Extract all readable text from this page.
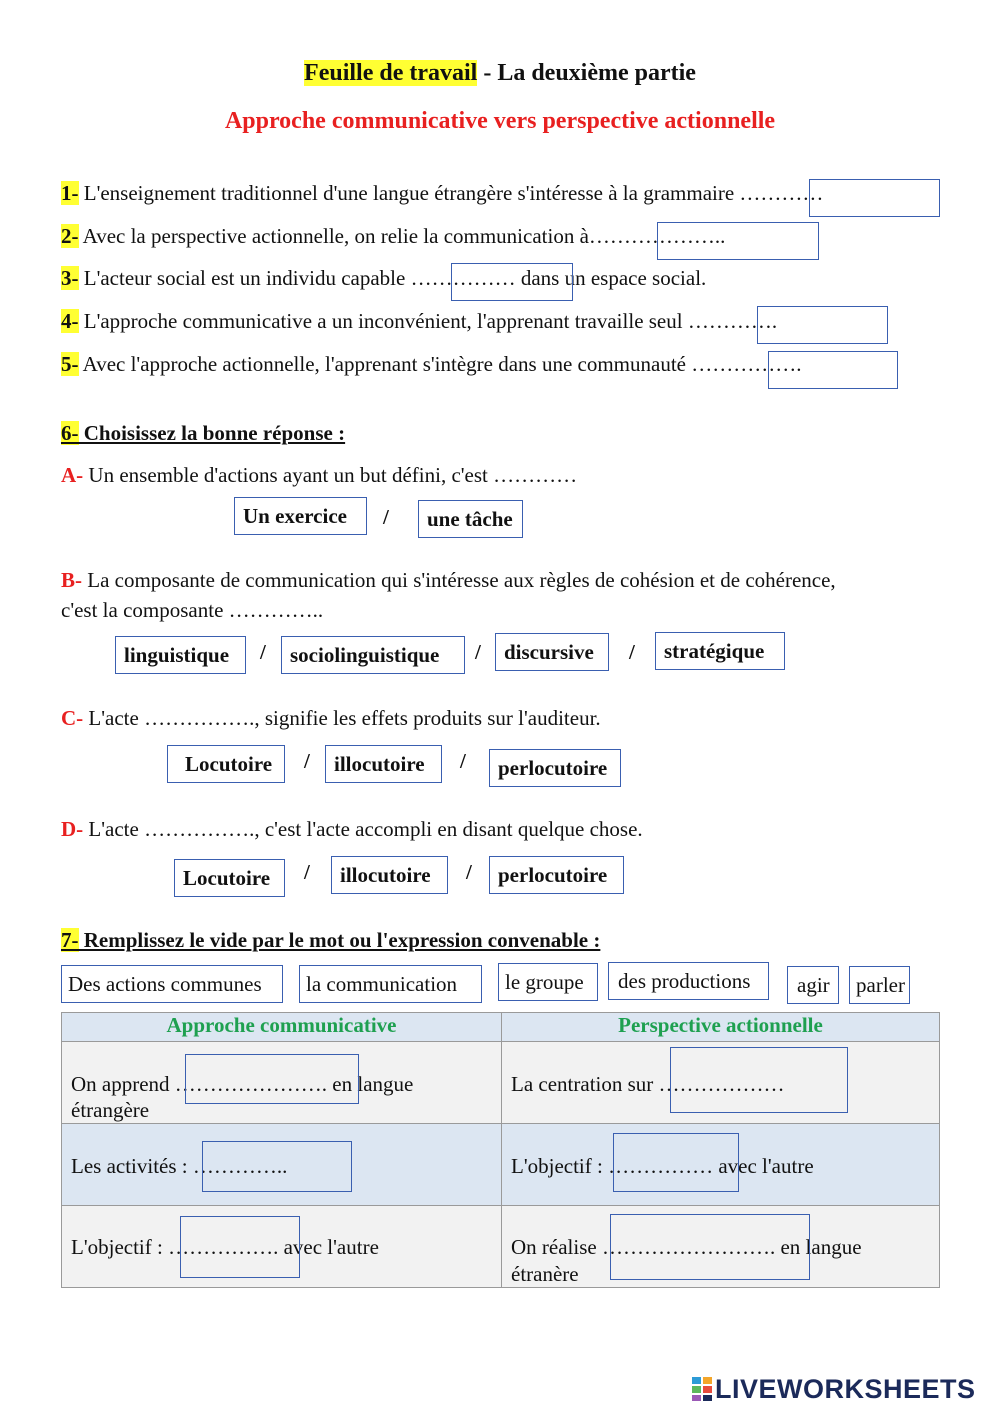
Feuille de travail - La deuxième partie
Approche communicative vers perspective actionnelle
1- L'enseignement traditionnel d'une langue étrangère s'intéresse à la grammaire …………
2- Avec la perspective actionnelle, on relie la communication à………………..
3- L'acteur social est un individu capable …………… dans un espace social.
4- L'approche communicative a un inconvénient, l'apprenant travaille seul ………….
5- Avec l'approche actionnelle, l'apprenant s'intègre dans une communauté …………….
6- Choisissez la bonne réponse :
A- Un ensemble d'actions ayant un but défini, c'est …………
Un exercice	/	une tâche
B- La composante de communication qui s'intéresse aux règles de cohésion et de cohérence,
c'est la composante …………..
linguistique	/	sociolinguistique	/	discursive	/	stratégique
C- L'acte ……………., signifie les effets produits sur l'auditeur.
Locutoire	/	illocutoire	/	perlocutoire
D- L'acte ……………., c'est l'acte accompli en disant quelque chose.
Locutoire	/	illocutoire	/	perlocutoire
7- Remplissez le vide par le mot ou l'expression convenable :
Des actions communes	la communication	le groupe	des productions	agir	parler
Approche communicative	Perspective actionnelle

On apprend …………………. en langue
étrangère	La centration sur ………………

Les activités : …………..	L'objectif : …………… avec l'autre

L'objectif : ……………. avec l'autre	On réalise ……………………. en langue
étranère
LIVEWORKSHEETS
